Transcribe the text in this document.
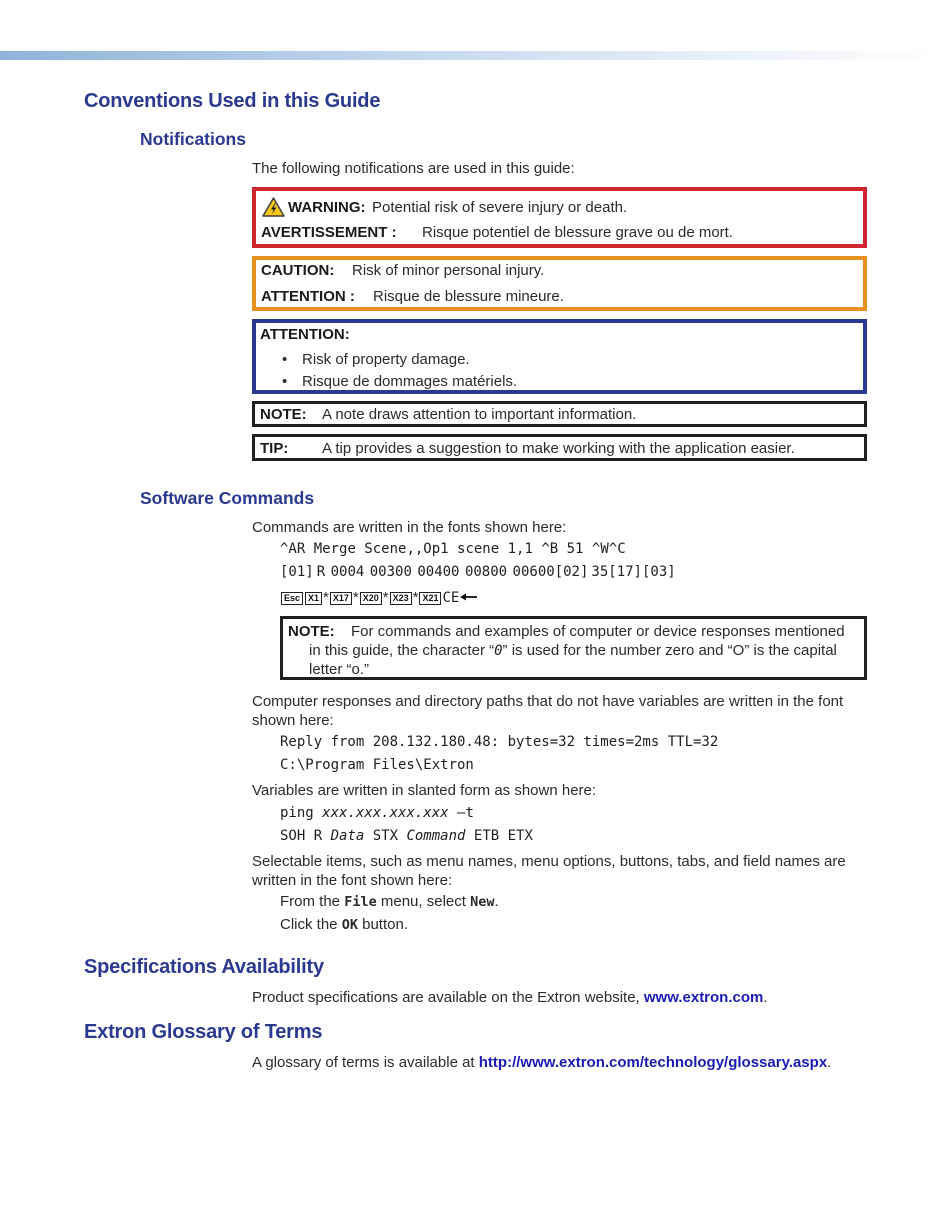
Conventions Used in this Guide
Notifications
The following notifications are used in this guide:
WARNING: Potential risk of severe injury or death.
AVERTISSEMENT : Risque potentiel de blessure grave ou de mort.
CAUTION: Risk of minor personal injury.
ATTENTION : Risque de blessure mineure.
ATTENTION:
• Risk of property damage.
• Risque de dommages matériels.
NOTE: A note draws attention to important information.
TIP: A tip provides a suggestion to make working with the application easier.
Software Commands
Commands are written in the fonts shown here:
^AR Merge Scene,,Op1 scene 1,1 ^B 51 ^W^C
[01] R 0004 00300 00400 00800 00600[02] 35[17][03]
Esc X1 * X17 * X20 * X23 * X21 CE
NOTE: For commands and examples of computer or device responses mentioned
in this guide, the character “0” is used for the number zero and “O” is the capital
letter “o.”
Computer responses and directory paths that do not have variables are written in the font
shown here:
Reply from 208.132.180.48: bytes=32 times=2ms TTL=32
C:\Program Files\Extron
Variables are written in slanted form as shown here:
ping xxx.xxx.xxx.xxx –t
SOH R Data STX Command ETB ETX
Selectable items, such as menu names, menu options, buttons, tabs, and field names are
written in the font shown here:
From the File menu, select New.
Click the OK button.
Specifications Availability
Product specifications are available on the Extron website, www.extron.com.
Extron Glossary of Terms
A glossary of terms is available at http://www.extron.com/technology/glossary.aspx.
